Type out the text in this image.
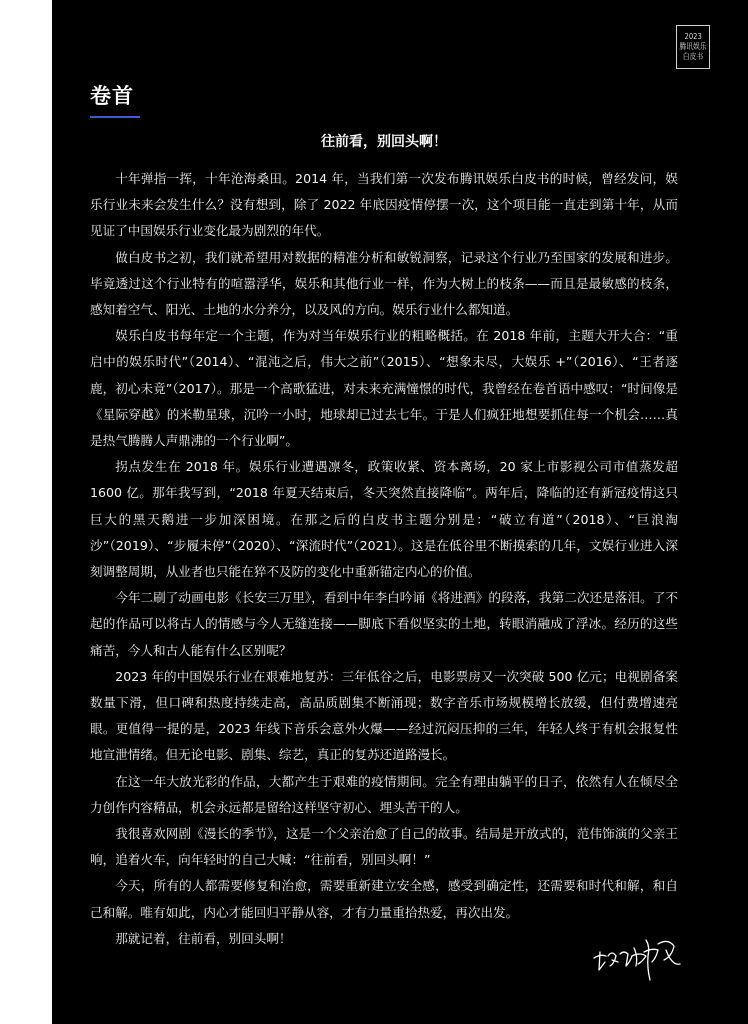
2023
腾讯娱乐
白皮书
卷首
往前看，别回头啊！

十年弹指一挥，十年沧海桑田。2014 年，当我们第一次发布腾讯娱乐白皮书的时候，曾经发问，娱乐行业未来会发生什么？没有想到，除了 2022 年底因疫情停摆一次，这个项目能一直走到第十年，从而见证了中国娱乐行业变化最为剧烈的年代。

做白皮书之初，我们就希望用对数据的精准分析和敏锐洞察，记录这个行业乃至国家的发展和进步。毕竟透过这个行业特有的喧嚣浮华，娱乐和其他行业一样，作为大树上的枝条——而且是最敏感的枝条，感知着空气、阳光、土地的水分养分，以及风的方向。娱乐行业什么都知道。

娱乐白皮书每年定一个主题，作为对当年娱乐行业的粗略概括。在 2018 年前，主题大开大合：“重启中的娱乐时代”（2014）、“混沌之后，伟大之前”（2015）、“想象未尽，大娱乐 +”（2016）、“王者逐鹿，初心未竟”（2017）。那是一个高歌猛进，对未来充满憧憬的时代，我曾经在卷首语中感叹：“时间像是《星际穿越》的米勒星球，沉吟一小时，地球却已过去七年。于是人们疯狂地想要抓住每一个机会……真是热气腾腾人声鼎沸的一个行业啊”。

拐点发生在 2018 年。娱乐行业遭遇凛冬，政策收紧、资本离场，20 家上市影视公司市值蒸发超 1600 亿。那年我写到，“2018 年夏天结束后，冬天突然直接降临”。两年后，降临的还有新冠疫情这只巨大的黑天鹅进一步加深困境。在那之后的白皮书主题分别是：“破立有道”（2018）、“巨浪淘沙”（2019）、“步履未停”（2020）、“深流时代”（2021）。这是在低谷里不断摸索的几年，文娱行业进入深刻调整周期，从业者也只能在猝不及防的变化中重新锚定内心的价值。

今年二刷了动画电影《长安三万里》，看到中年李白吟诵《将进酒》的段落，我第二次还是落泪。了不起的作品可以将古人的情感与今人无缝连接——脚底下看似坚实的土地，转眼消融成了浮冰。经历的这些痛苦，今人和古人能有什么区别呢？

2023 年的中国娱乐行业在艰难地复苏：三年低谷之后，电影票房又一次突破 500 亿元；电视剧备案数量下滑，但口碑和热度持续走高，高品质剧集不断涌现；数字音乐市场规模增长放缓，但付费增速亮眼。更值得一提的是，2023 年线下音乐会意外火爆——经过沉闷压抑的三年，年轻人终于有机会报复性地宣泄情绪。但无论电影、剧集、综艺，真正的复苏还道路漫长。

在这一年大放光彩的作品，大都产生于艰难的疫情期间。完全有理由躺平的日子，依然有人在倾尽全力创作内容精品，机会永远都是留给这样坚守初心、埋头苦干的人。

我很喜欢网剧《漫长的季节》，这是一个父亲治愈了自己的故事。结局是开放式的，范伟饰演的父亲王响，追着火车，向年轻时的自己大喊：“往前看，别回头啊！”

今天，所有的人都需要修复和治愈，需要重新建立安全感，感受到确定性，还需要和时代和解，和自己和解。唯有如此，内心才能回归平静从容，才有力量重拾热爱，再次出发。

那就记着，往前看，别回头啊！
